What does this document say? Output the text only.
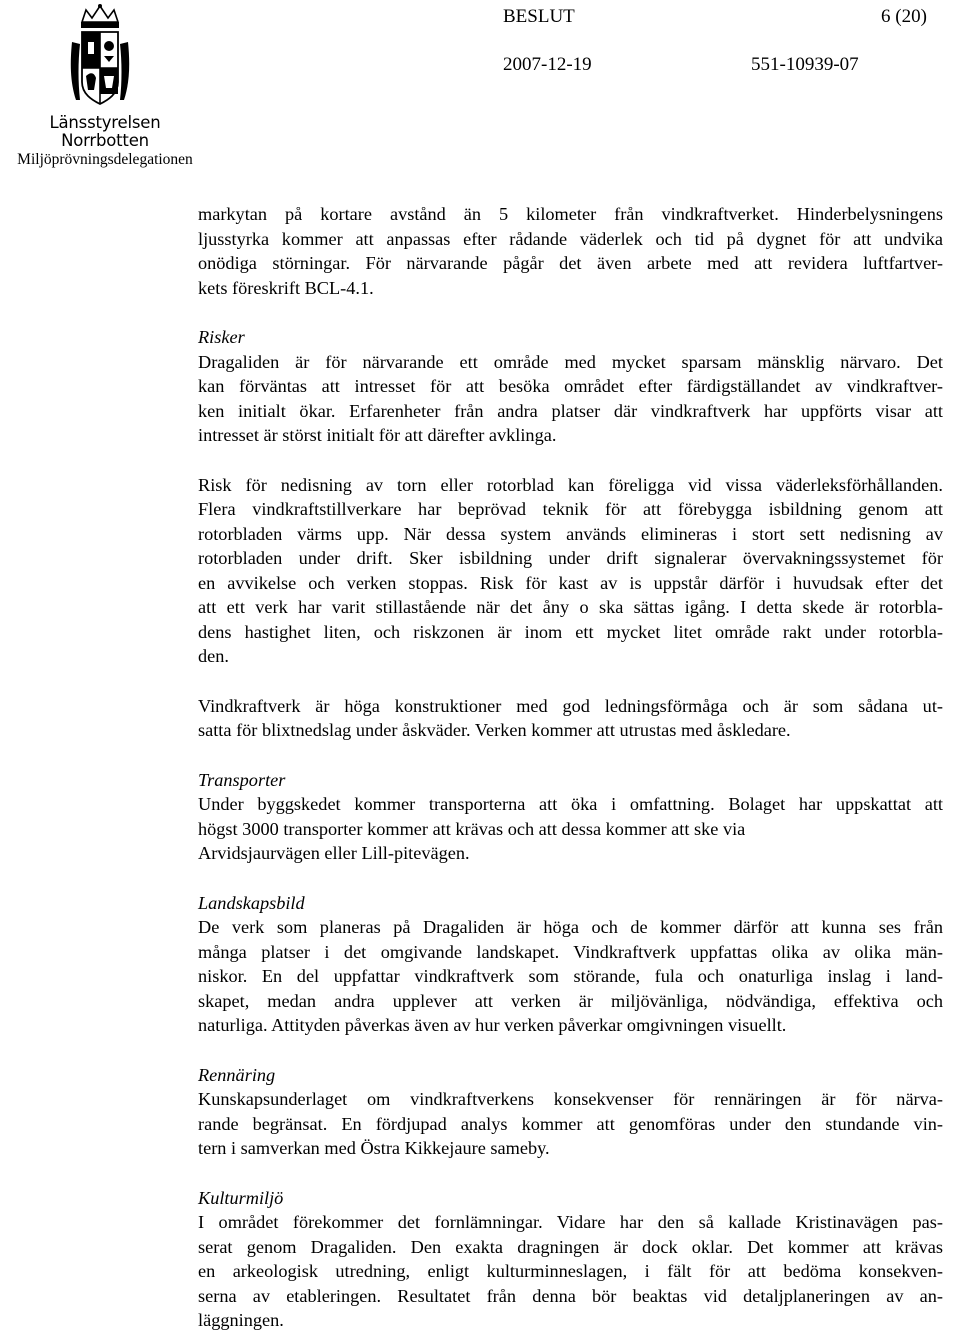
Länsstyrelsen
Norrbotten
Miljöprövningsdelegationen
BESLUT	6 (20)
2007-12-19	551-10939-07

markytan på kortare avstånd än 5 kilometer från vindkraftverket. Hinderbelysningens
ljusstyrka kommer att anpassas efter rådande väderlek och tid på dygnet för att undvika
onödiga störningar. För närvarande pågår det även arbete med att revidera luftfartver-
kets föreskrift BCL-4.1.

Risker

Dragaliden är för närvarande ett område med mycket sparsam mänsklig närvaro. Det
kan förväntas att intresset för att besöka området efter färdigställandet av vindkraftver-
ken initialt ökar. Erfarenheter från andra platser där vindkraftverk har uppförts visar att
intresset är störst initialt för att därefter avklinga.

Risk för nedisning av torn eller rotorblad kan föreligga vid vissa väderleksförhållanden.
Flera vindkraftstillverkare har beprövad teknik för att förebygga isbildning genom att
rotorbladen värms upp. När dessa system används elimineras i stort sett nedisning av
rotorbladen under drift. Sker isbildning under drift signalerar övervakningssystemet för
en avvikelse och verken stoppas. Risk för kast av is uppstår därför i huvudsak efter det
att ett verk har varit stillastående när det åny o ska sättas igång. I detta skede är rotorbla-
dens hastighet liten, och riskzonen är inom ett mycket litet område rakt under rotorbla-
den.

Vindkraftverk är höga konstruktioner med god ledningsförmåga och är som sådana ut-
satta för blixtnedslag under åskväder. Verken kommer att utrustas med åskledare.

Transporter

Under byggskedet kommer transporterna att öka i omfattning. Bolaget har uppskattat att
högst 3000 transporter kommer att krävas och att dessa kommer att ske via
Arvidsjaurvägen eller Lill-pitevägen.

Landskapsbild

De verk som planeras på Dragaliden är höga och de kommer därför att kunna ses från
många platser i det omgivande landskapet. Vindkraftverk uppfattas olika av olika män-
niskor. En del uppfattar vindkraftverk som störande, fula och onaturliga inslag i land-
skapet, medan andra upplever att verken är miljövänliga, nödvändiga, effektiva och
naturliga. Attityden påverkas även av hur verken påverkar omgivningen visuellt.

Rennäring

Kunskapsunderlaget om vindkraftverkens konsekvenser för rennäringen är för närva-
rande begränsat. En fördjupad analys kommer att genomföras under den stundande vin-
tern i samverkan med Östra Kikkejaure sameby.

Kulturmiljö

I området förekommer det fornlämningar. Vidare har den så kallade Kristinavägen pas-
serat genom Dragaliden. Den exakta dragningen är dock oklar. Det kommer att krävas
en arkeologisk utredning, enligt kulturminneslagen, i fält för att bedöma konsekven-
serna av etableringen. Resultatet från denna bör beaktas vid detaljplaneringen av an-
läggningen.
